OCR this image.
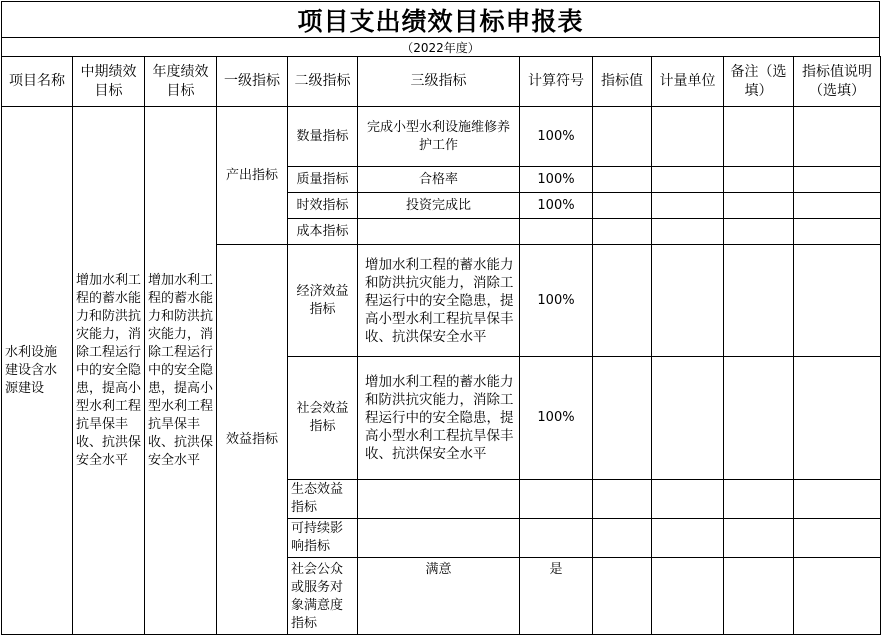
项目支出绩效目标申报表
（2022年度）
项目名称	中期绩效目标	年度绩效目标	一级指标	二级指标	三级指标	计算符号	指标值	计量单位	备注（选填）	指标值说明（选填）
水利设施建设含水源建设	增加水利工程的蓄水能力和防洪抗灾能力，消除工程运行中的安全隐患，提高小型水利工程抗旱保丰收、抗洪保安全水平	增加水利工程的蓄水能力和防洪抗灾能力，消除工程运行中的安全隐患，提高小型水利工程抗旱保丰收、抗洪保安全水平	产出指标	数量指标	完成小型水利设施维修养护工作	100%				
				质量指标	合格率	100%				
				时效指标	投资完成比	100%				
				成本指标						
			效益指标	经济效益指标	增加水利工程的蓄水能力和防洪抗灾能力，消除工程运行中的安全隐患，提高小型水利工程抗旱保丰收、抗洪保安全水平	100%				
				社会效益指标	增加水利工程的蓄水能力和防洪抗灾能力，消除工程运行中的安全隐患，提高小型水利工程抗旱保丰收、抗洪保安全水平	100%				
				生态效益指标						
				可持续影响指标						
				社会公众或服务对象满意度指标	满意	是				
